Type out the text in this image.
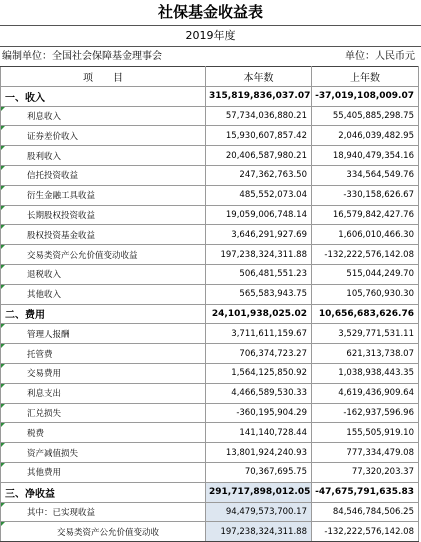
社保基金收益表
2019年度
编制单位：全国社会保障基金理事会	单位：人民币元
项　　目	本年数	上年数
一、收入	315,819,836,037.07	-37,019,108,009.07
利息收入	57,734,036,880.21	55,405,885,298.75
证券差价收入	15,930,607,857.42	2,046,039,482.95
股利收入	20,406,587,980.21	18,940,479,354.16
信托投资收益	247,362,763.50	334,564,549.76
衍生金融工具收益	485,552,073.04	-330,158,626.67
长期股权投资收益	19,059,006,748.14	16,579,842,427.76
股权投资基金收益	3,646,291,927.69	1,606,010,466.30
交易类资产公允价值变动收益	197,238,324,311.88	-132,222,576,142.08
退税收入	506,481,551.23	515,044,249.70
其他收入	565,583,943.75	105,760,930.30
二、费用	24,101,938,025.02	10,656,683,626.76
管理人报酬	3,711,611,159.67	3,529,771,531.11
托管费	706,374,723.27	621,313,738.07
交易费用	1,564,125,850.92	1,038,938,443.35
利息支出	4,466,589,530.33	4,619,436,909.64
汇兑损失	-360,195,904.29	-162,937,596.96
税费	141,140,728.44	155,505,919.10
资产减值损失	13,801,924,240.93	777,334,479.08
其他费用	70,367,695.75	77,320,203.37
三、净收益	291,717,898,012.05	-47,675,791,635.83
其中：已实现收益	94,479,573,700.17	84,546,784,506.25
交易类资产公允价值变动收	197,238,324,311.88	-132,222,576,142.08
